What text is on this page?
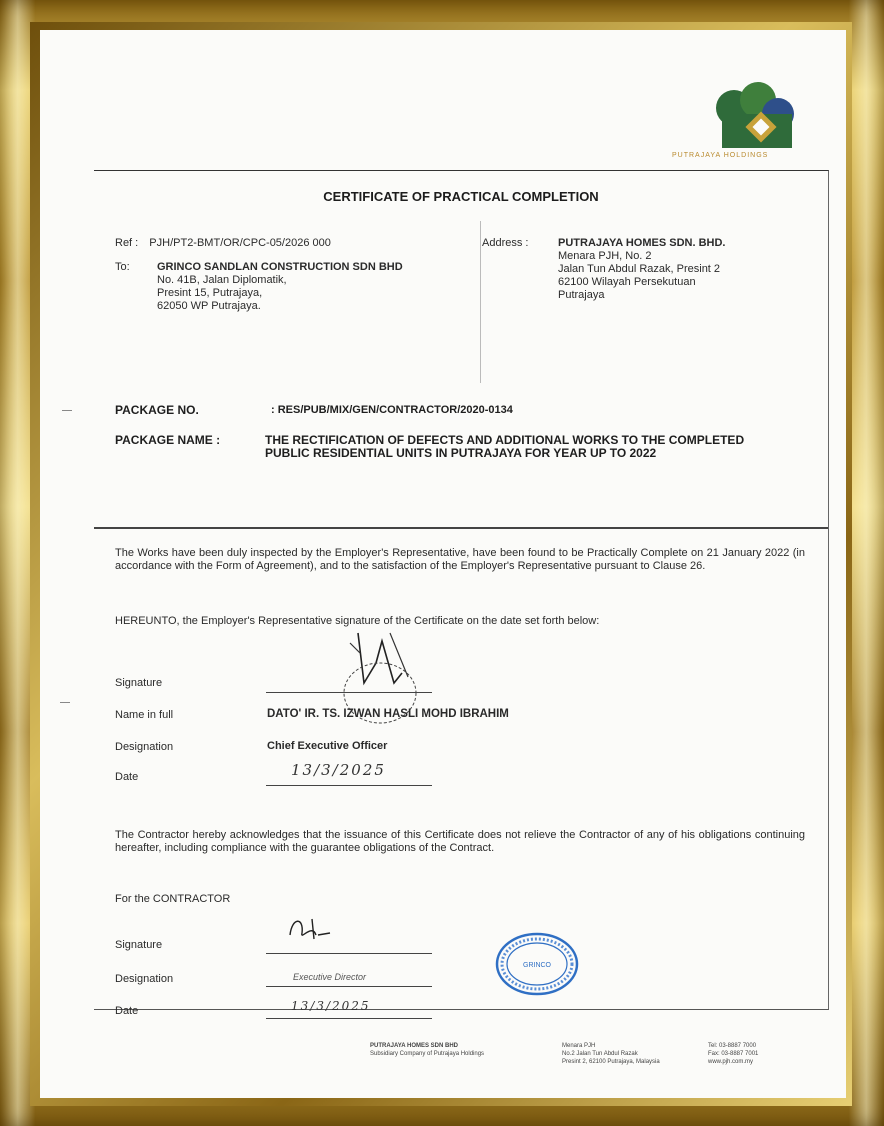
PUTRAJAYA HOLDINGS
CERTIFICATE OF PRACTICAL COMPLETION
Ref : PJH/PT2-BMT/OR/CPC-05/2026 000
To: GRINCO SANDLAN CONSTRUCTION SDN BHD
No. 41B, Jalan Diplomatik,
Presint 15, Putrajaya,
62050 WP Putrajaya.
Address :	PUTRAJAYA HOMES SDN. BHD.
Menara PJH, No. 2
Jalan Tun Abdul Razak, Presint 2
62100 Wilayah Persekutuan
Putrajaya
PACKAGE NO.	: RES/PUB/MIX/GEN/CONTRACTOR/2020-0134
PACKAGE NAME :	THE RECTIFICATION OF DEFECTS AND ADDITIONAL WORKS TO THE COMPLETED PUBLIC RESIDENTIAL UNITS IN PUTRAJAYA FOR YEAR UP TO 2022
The Works have been duly inspected by the Employer's Representative, have been found to be Practically Complete on 21 January 2022 (in accordance with the Form of Agreement), and to the satisfaction of the Employer's Representative pursuant to Clause 26.
HEREUNTO, the Employer's Representative signature of the Certificate on the date set forth below:
Signature
Name in full	DATO' IR. TS. IZWAN HASLI MOHD IBRAHIM
Designation	Chief Executive Officer
Date	13/3/2025
The Contractor hereby acknowledges that the issuance of this Certificate does not relieve the Contractor of any of his obligations continuing hereafter, including compliance with the guarantee obligations of the Contract.
For the CONTRACTOR
Signature
Designation	Executive Director
Date	13/3/2025
GRINCO
PUTRAJAYA HOMES SDN BHD
Subsidiary Company of Putrajaya Holdings
Menara PJH
No.2 Jalan Tun Abdul Razak
Presint 2, 62100 Putrajaya, Malaysia
Tel: 03-8887 7000
Fax: 03-8887 7001
www.pjh.com.my
